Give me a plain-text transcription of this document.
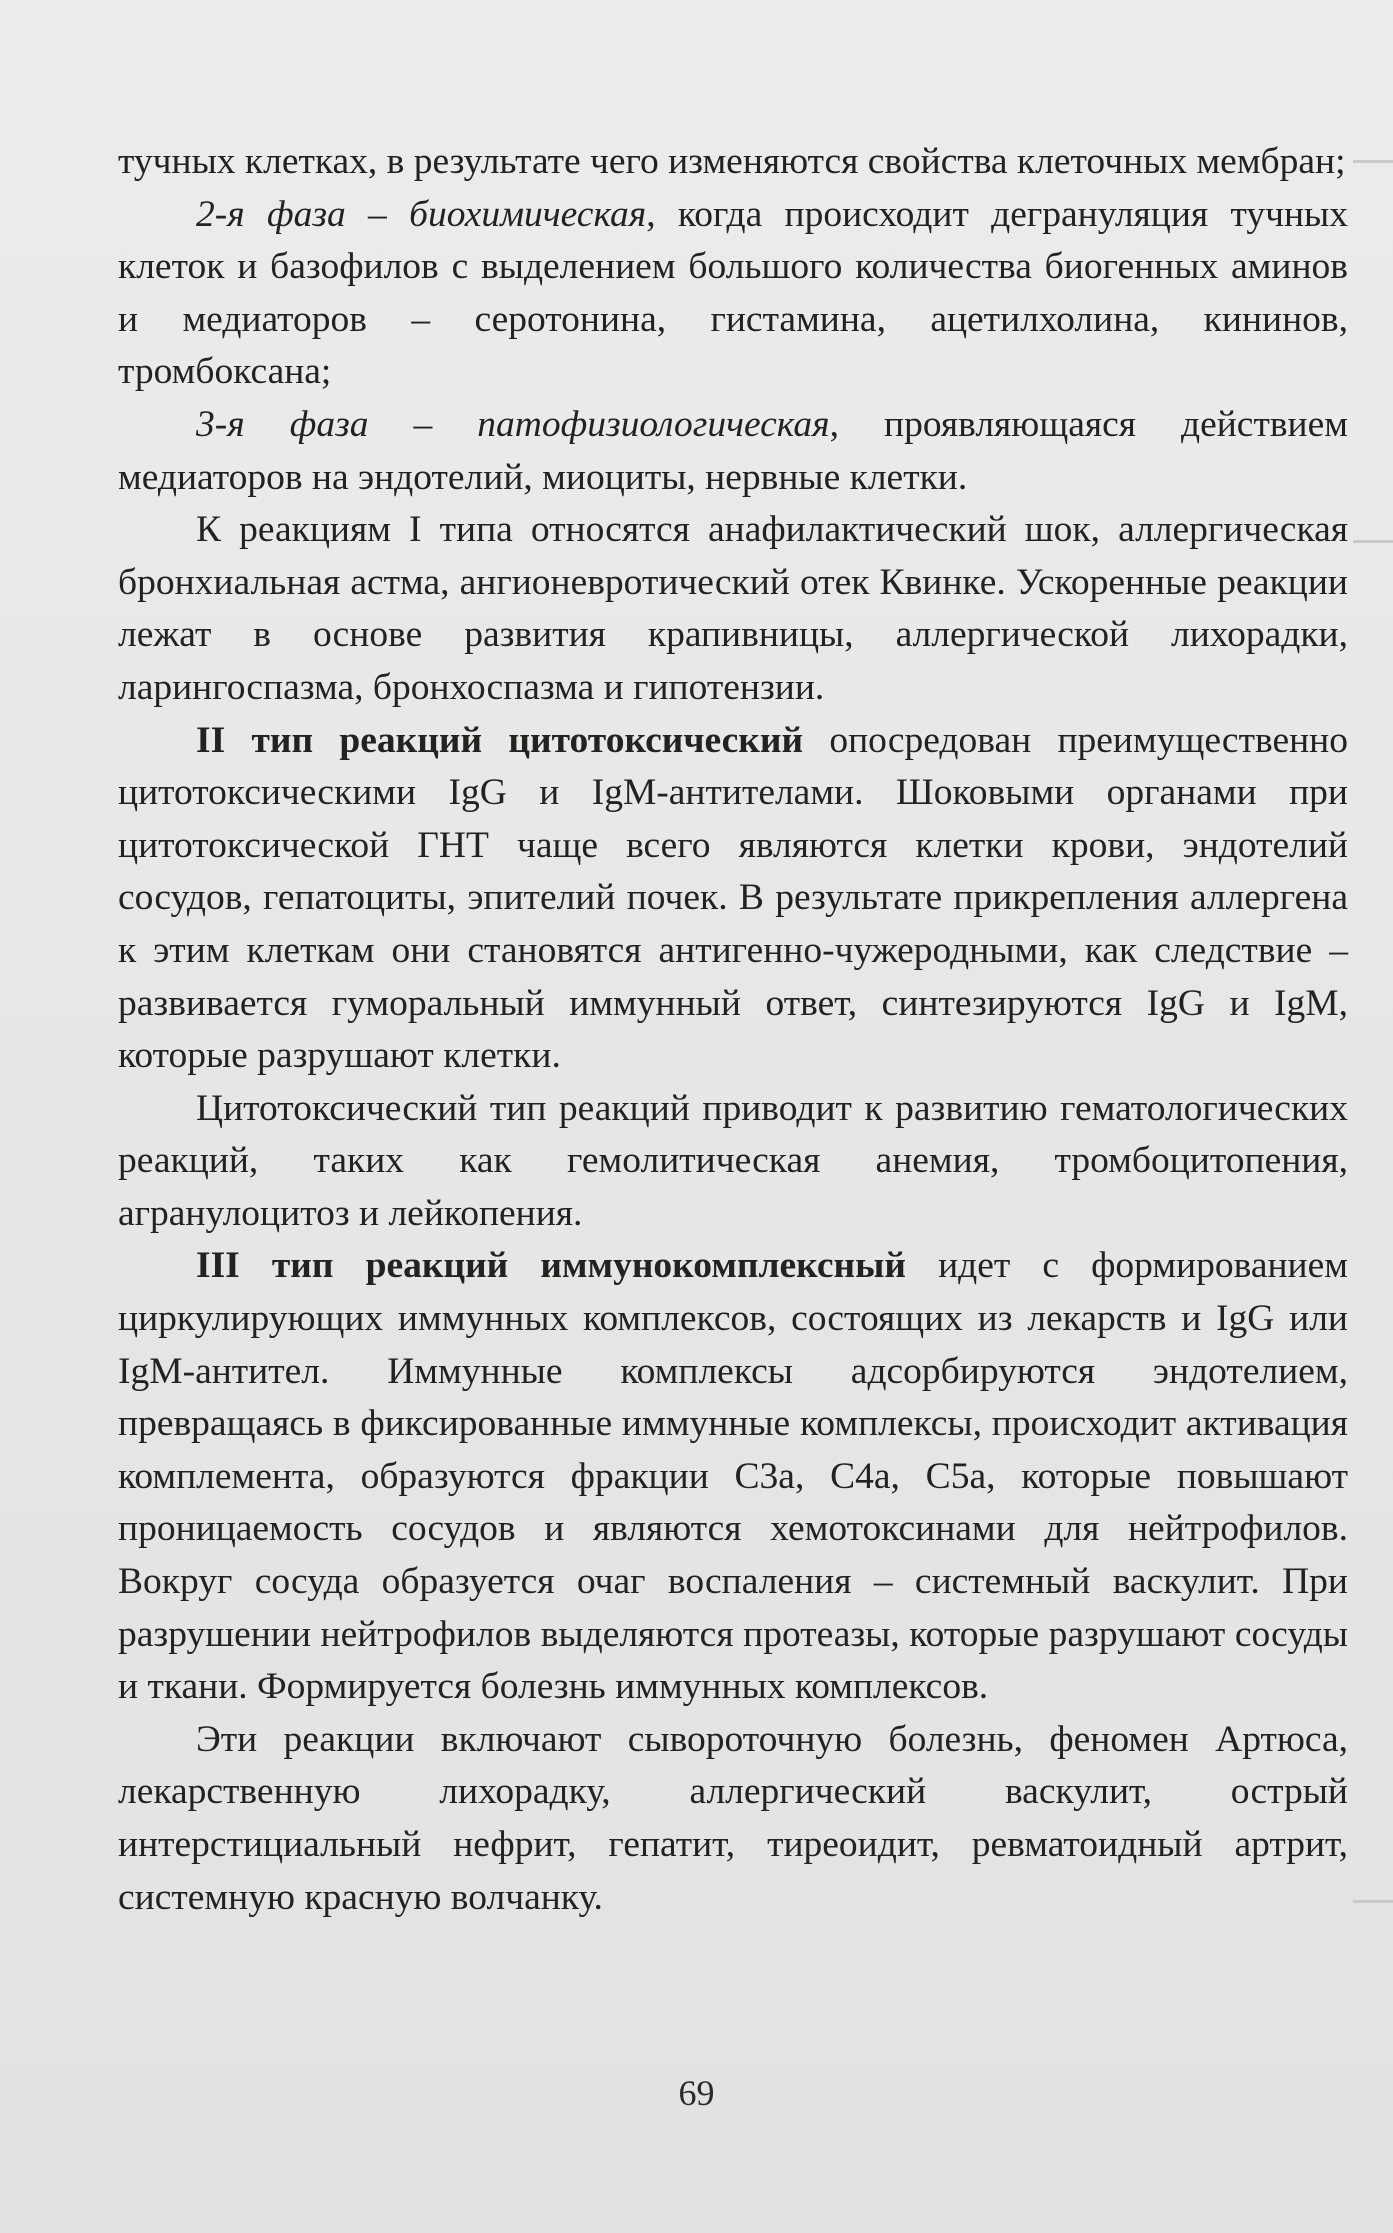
тучных клетках, в результате чего изменяются свойства клеточных мембран;

2-я фаза – биохимическая, когда происходит дегрануляция тучных клеток и базофилов с выделением большого количества биогенных аминов и медиаторов – серотонина, гистамина, ацетилхолина, кининов, тромбоксана;

3-я фаза – патофизиологическая, проявляющаяся действием медиаторов на эндотелий, миоциты, нервные клетки.

К реакциям I типа относятся анафилактический шок, аллергическая бронхиальная астма, ангионевротический отек Квинке. Ускоренные реакции лежат в основе развития крапивницы, аллергической лихорадки, ларингоспазма, бронхоспазма и гипотензии.

II тип реакций цитотоксический опосредован преимущественно цитотоксическими IgG и IgM-антителами. Шоковыми органами при цитотоксической ГНТ чаще всего являются клетки крови, эндотелий сосудов, гепатоциты, эпителий почек. В результате прикрепления аллергена к этим клеткам они становятся антигенно-чужеродными, как следствие – развивается гуморальный иммунный ответ, синтезируются IgG и IgM, которые разрушают клетки.

Цитотоксический тип реакций приводит к развитию гематологических реакций, таких как гемолитическая анемия, тромбоцитопения, агранулоцитоз и лейкопения.

III тип реакций иммунокомплексный идет с формированием циркулирующих иммунных комплексов, состоящих из лекарств и IgG или IgM-антител. Иммунные комплексы адсорбируются эндотелием, превращаясь в фиксированные иммунные комплексы, происходит активация комплемента, образуются фракции С3а, С4а, С5а, которые повышают проницаемость сосудов и являются хемотоксинами для нейтрофилов. Вокруг сосуда образуется очаг воспаления – системный васкулит. При разрушении нейтрофилов выделяются протеазы, которые разрушают сосуды и ткани. Формируется болезнь иммунных комплексов.

Эти реакции включают сывороточную болезнь, феномен Артюса, лекарственную лихорадку, аллергический васкулит, острый интерстициальный нефрит, гепатит, тиреоидит, ревматоидный артрит, системную красную волчанку.

69
